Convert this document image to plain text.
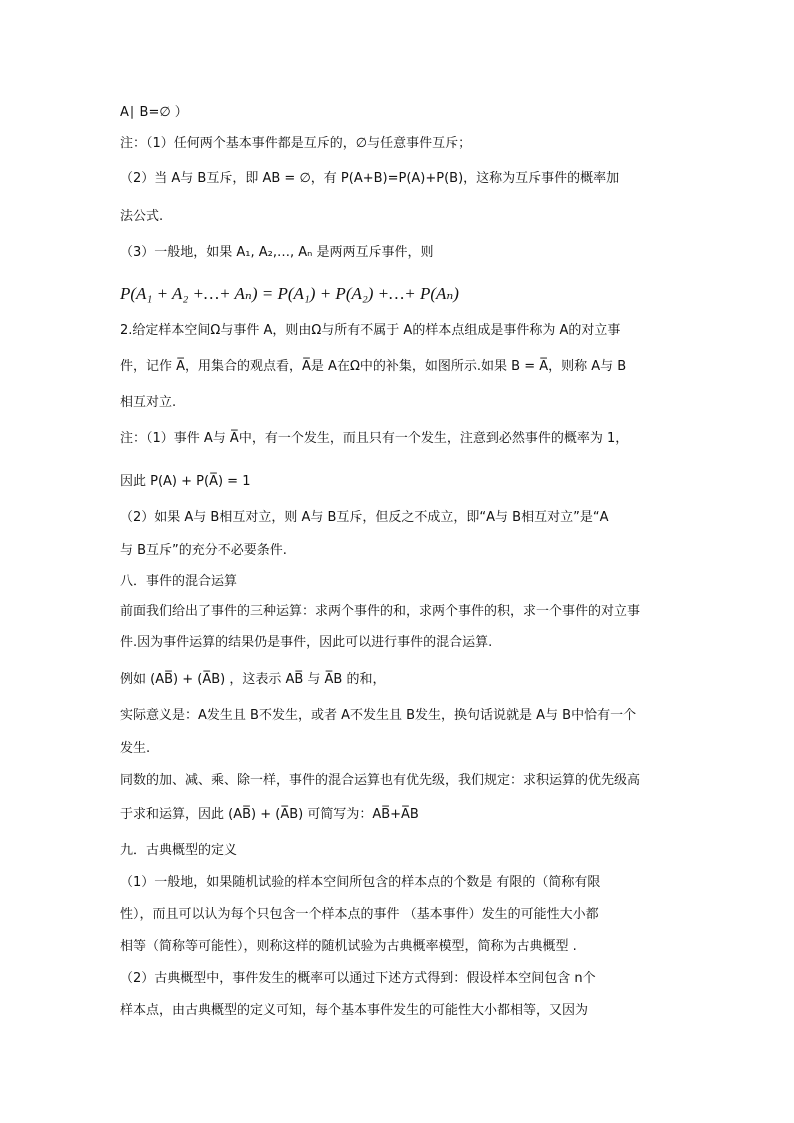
A∣ B=∅ ）
注：（1）任何两个基本事件都是互斥的，∅与任意事件互斥；
（2）当 A与 B互斥，即 AB = ∅，有 P(A+B)=P(A)+P(B)，这称为互斥事件的概率加
法公式.
（3）一般地，如果 A₁, A₂,…, Aₙ 是两两互斥事件，则
P(A₁ + A₂ +…+ Aₙ) = P(A₁) + P(A₂) +…+ P(Aₙ)
2.给定样本空间Ω与事件 A，则由Ω与所有不属于 A的样本点组成是事件称为 A的对立事
件，记作 A̅，用集合的观点看，A̅是 A在Ω中的补集，如图所示.如果 B = A̅，则称 A与 B
相互对立.
注：（1）事件 A与 A̅中，有一个发生，而且只有一个发生，注意到必然事件的概率为 1，
因此 P(A) + P(A̅) = 1
（2）如果 A与 B相互对立，则 A与 B互斥，但反之不成立，即“A与 B相互对立”是“A
与 B互斥”的充分不必要条件.
八．事件的混合运算
前面我们给出了事件的三种运算：求两个事件的和，求两个事件的积，求一个事件的对立事
件.因为事件运算的结果仍是事件，因此可以进行事件的混合运算.
例如 (AB̅) + (A̅B) ，这表示 AB̅ 与 A̅B 的和，
实际意义是：A发生且 B不发生，或者 A不发生且 B发生，换句话说就是 A与 B中恰有一个
发生.
同数的加、减、乘、除一样，事件的混合运算也有优先级，我们规定：求积运算的优先级高
于求和运算，因此 (AB̅) + (A̅B) 可简写为：AB̅+A̅B
九．古典概型的定义
（1）一般地，如果随机试验的样本空间所包含的样本点的个数是 有限的（简称有限
性），而且可以认为每个只包含一个样本点的事件 （基本事件）发生的可能性大小都
相等（简称等可能性），则称这样的随机试验为古典概率模型，简称为古典概型 .
（2）古典概型中，事件发生的概率可以通过下述方式得到：假设样本空间包含 n个
样本点，由古典概型的定义可知，每个基本事件发生的可能性大小都相等，又因为
